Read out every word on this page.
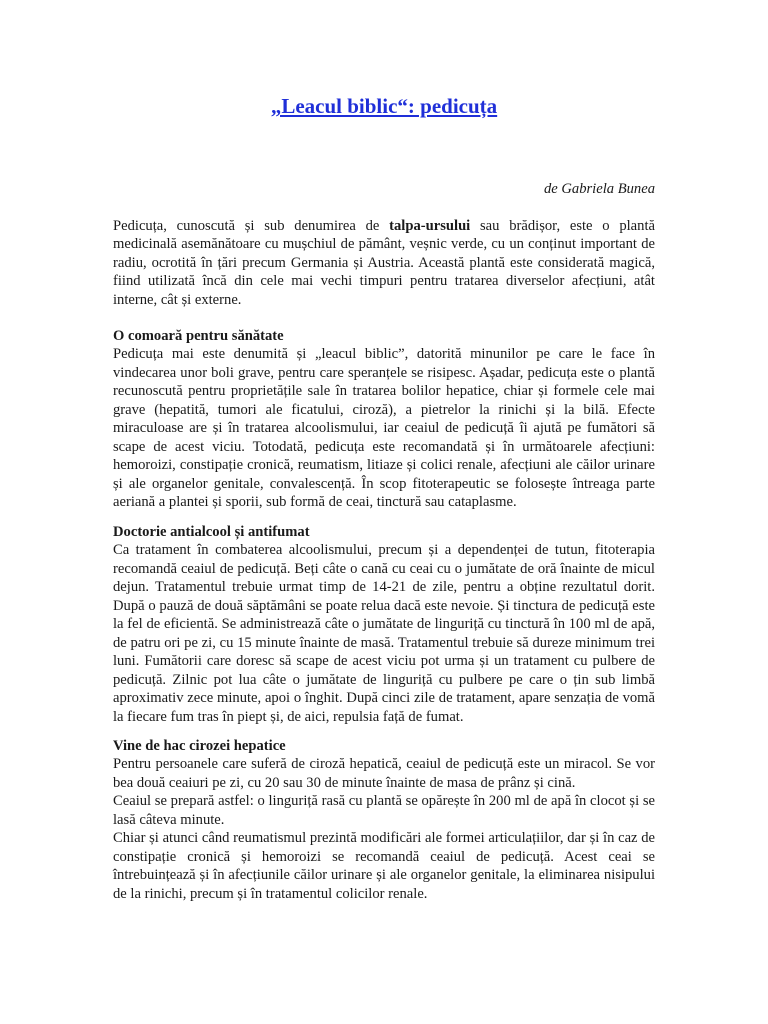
„Leacul biblic“: pedicuța
de Gabriela Bunea

Pedicuța, cunoscută și sub denumirea de talpa-ursului sau brădișor, este o plantă medicinală asemănătoare cu mușchiul de pământ, veșnic verde, cu un conținut important de radiu, ocrotită în țări precum Germania și Austria. Această plantă este considerată magică, fiind utilizată încă din cele mai vechi timpuri pentru tratarea diverselor afecțiuni, atât interne, cât și externe.

O comoară pentru sănătate

Pedicuța mai este denumită și „leacul biblic”, datorită minunilor pe care le face în vindecarea unor boli grave, pentru care speranțele se risipesc. Așadar, pedicuța este o plantă recunoscută pentru proprietățile sale în tratarea bolilor hepatice, chiar și formele cele mai grave (hepatită, tumori ale ficatului, ciroză), a pietrelor la rinichi și la bilă. Efecte miraculoase are și în tratarea alcoolismului, iar ceaiul de pedicuță îi ajută pe fumători să scape de acest viciu. Totodată, pedicuța este recomandată și în următoarele afecțiuni: hemoroizi, constipație cronică, reumatism, litiaze și colici renale, afecțiuni ale căilor urinare și ale organelor genitale, convalescență. În scop fitoterapeutic se folosește întreaga parte aeriană a plantei și sporii, sub formă de ceai, tinctură sau cataplasme.

Doctorie antialcool și antifumat

Ca tratament în combaterea alcoolismului, precum și a dependenței de tutun, fitoterapia recomandă ceaiul de pedicuță. Beți câte o cană cu ceai cu o jumătate de oră înainte de micul dejun. Tratamentul trebuie urmat timp de 14-21 de zile, pentru a obține rezultatul dorit. După o pauză de două săptămâni se poate relua dacă este nevoie. Și tinctura de pedicuță este la fel de eficientă. Se administrează câte o jumătate de linguriță cu tinctură în 100 ml de apă, de patru ori pe zi, cu 15 minute înainte de masă. Tratamentul trebuie să dureze minimum trei luni. Fumătorii care doresc să scape de acest viciu pot urma și un tratament cu pulbere de pedicuță. Zilnic pot lua câte o jumătate de linguriță cu pulbere pe care o țin sub limbă aproximativ zece minute, apoi o înghit. După cinci zile de tratament, apare senzația de vomă la fiecare fum tras în piept și, de aici, repulsia față de fumat.

Vine de hac cirozei hepatice

Pentru persoanele care suferă de ciroză hepatică, ceaiul de pedicuță este un miracol. Se vor bea două ceaiuri pe zi, cu 20 sau 30 de minute înainte de masa de prânz și cină.

Ceaiul se prepară astfel: o linguriță rasă cu plantă se opărește în 200 ml de apă în clocot și se lasă câteva minute.

Chiar și atunci când reumatismul prezintă modificări ale formei articulațiilor, dar și în caz de constipație cronică și hemoroizi se recomandă ceaiul de pedicuță. Acest ceai se întrebuințează și în afecțiunile căilor urinare și ale organelor genitale, la eliminarea nisipului de la rinichi, precum și în tratamentul colicilor renale.
